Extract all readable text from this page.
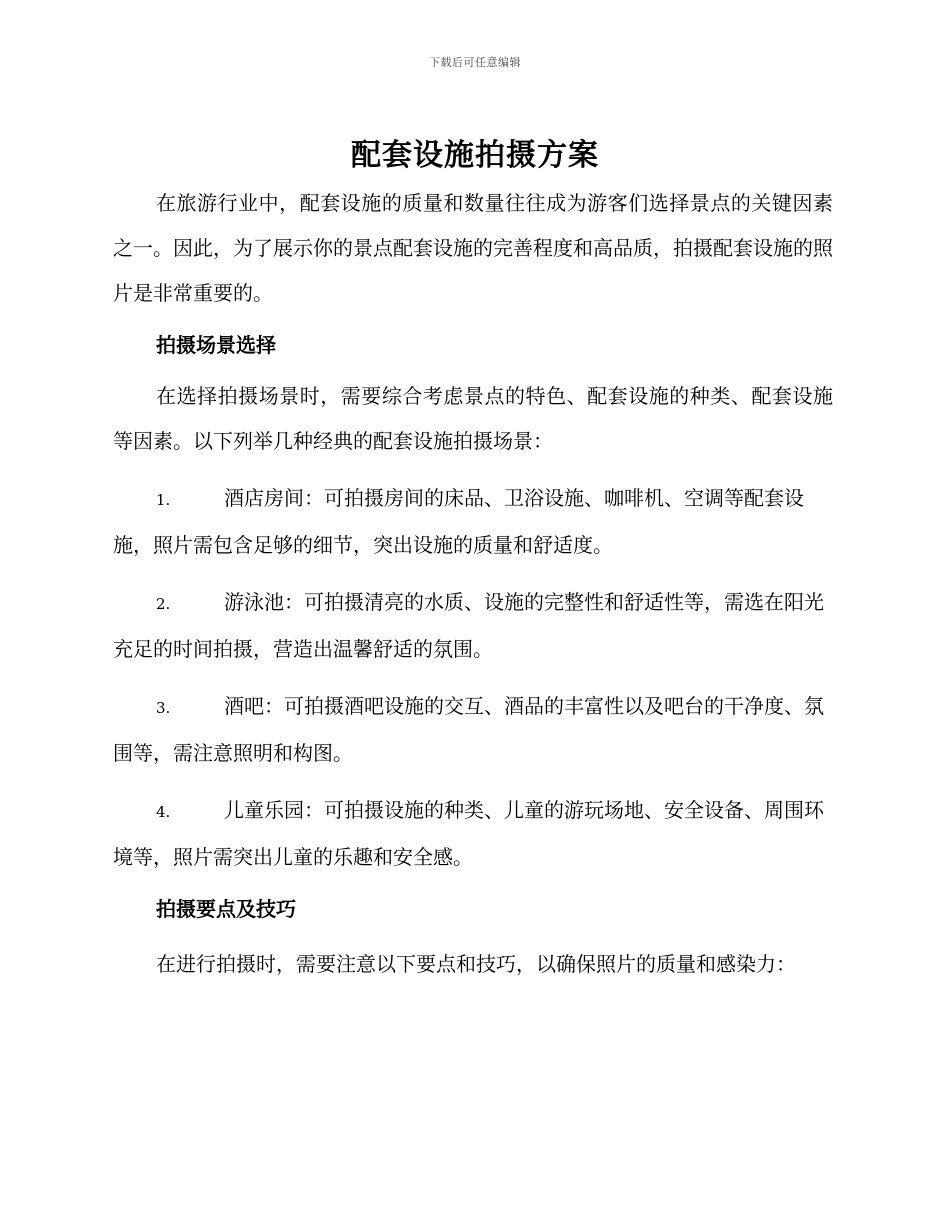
下载后可任意编辑
配套设施拍摄方案

在旅游行业中，配套设施的质量和数量往往成为游客们选择景点的关键因素之一。因此，为了展示你的景点配套设施的完善程度和高品质，拍摄配套设施的照片是非常重要的。

拍摄场景选择

在选择拍摄场景时，需要综合考虑景点的特色、配套设施的种类、配套设施等因素。以下列举几种经典的配套设施拍摄场景：

1.	酒店房间：可拍摄房间的床品、卫浴设施、咖啡机、空调等配套设施，照片需包含足够的细节，突出设施的质量和舒适度。

2.	游泳池：可拍摄清亮的水质、设施的完整性和舒适性等，需选在阳光充足的时间拍摄，营造出温馨舒适的氛围。

3.	酒吧：可拍摄酒吧设施的交互、酒品的丰富性以及吧台的干净度、氛围等，需注意照明和构图。

4.	儿童乐园：可拍摄设施的种类、儿童的游玩场地、安全设备、周围环境等，照片需突出儿童的乐趣和安全感。

拍摄要点及技巧

在进行拍摄时，需要注意以下要点和技巧，以确保照片的质量和感染力：
